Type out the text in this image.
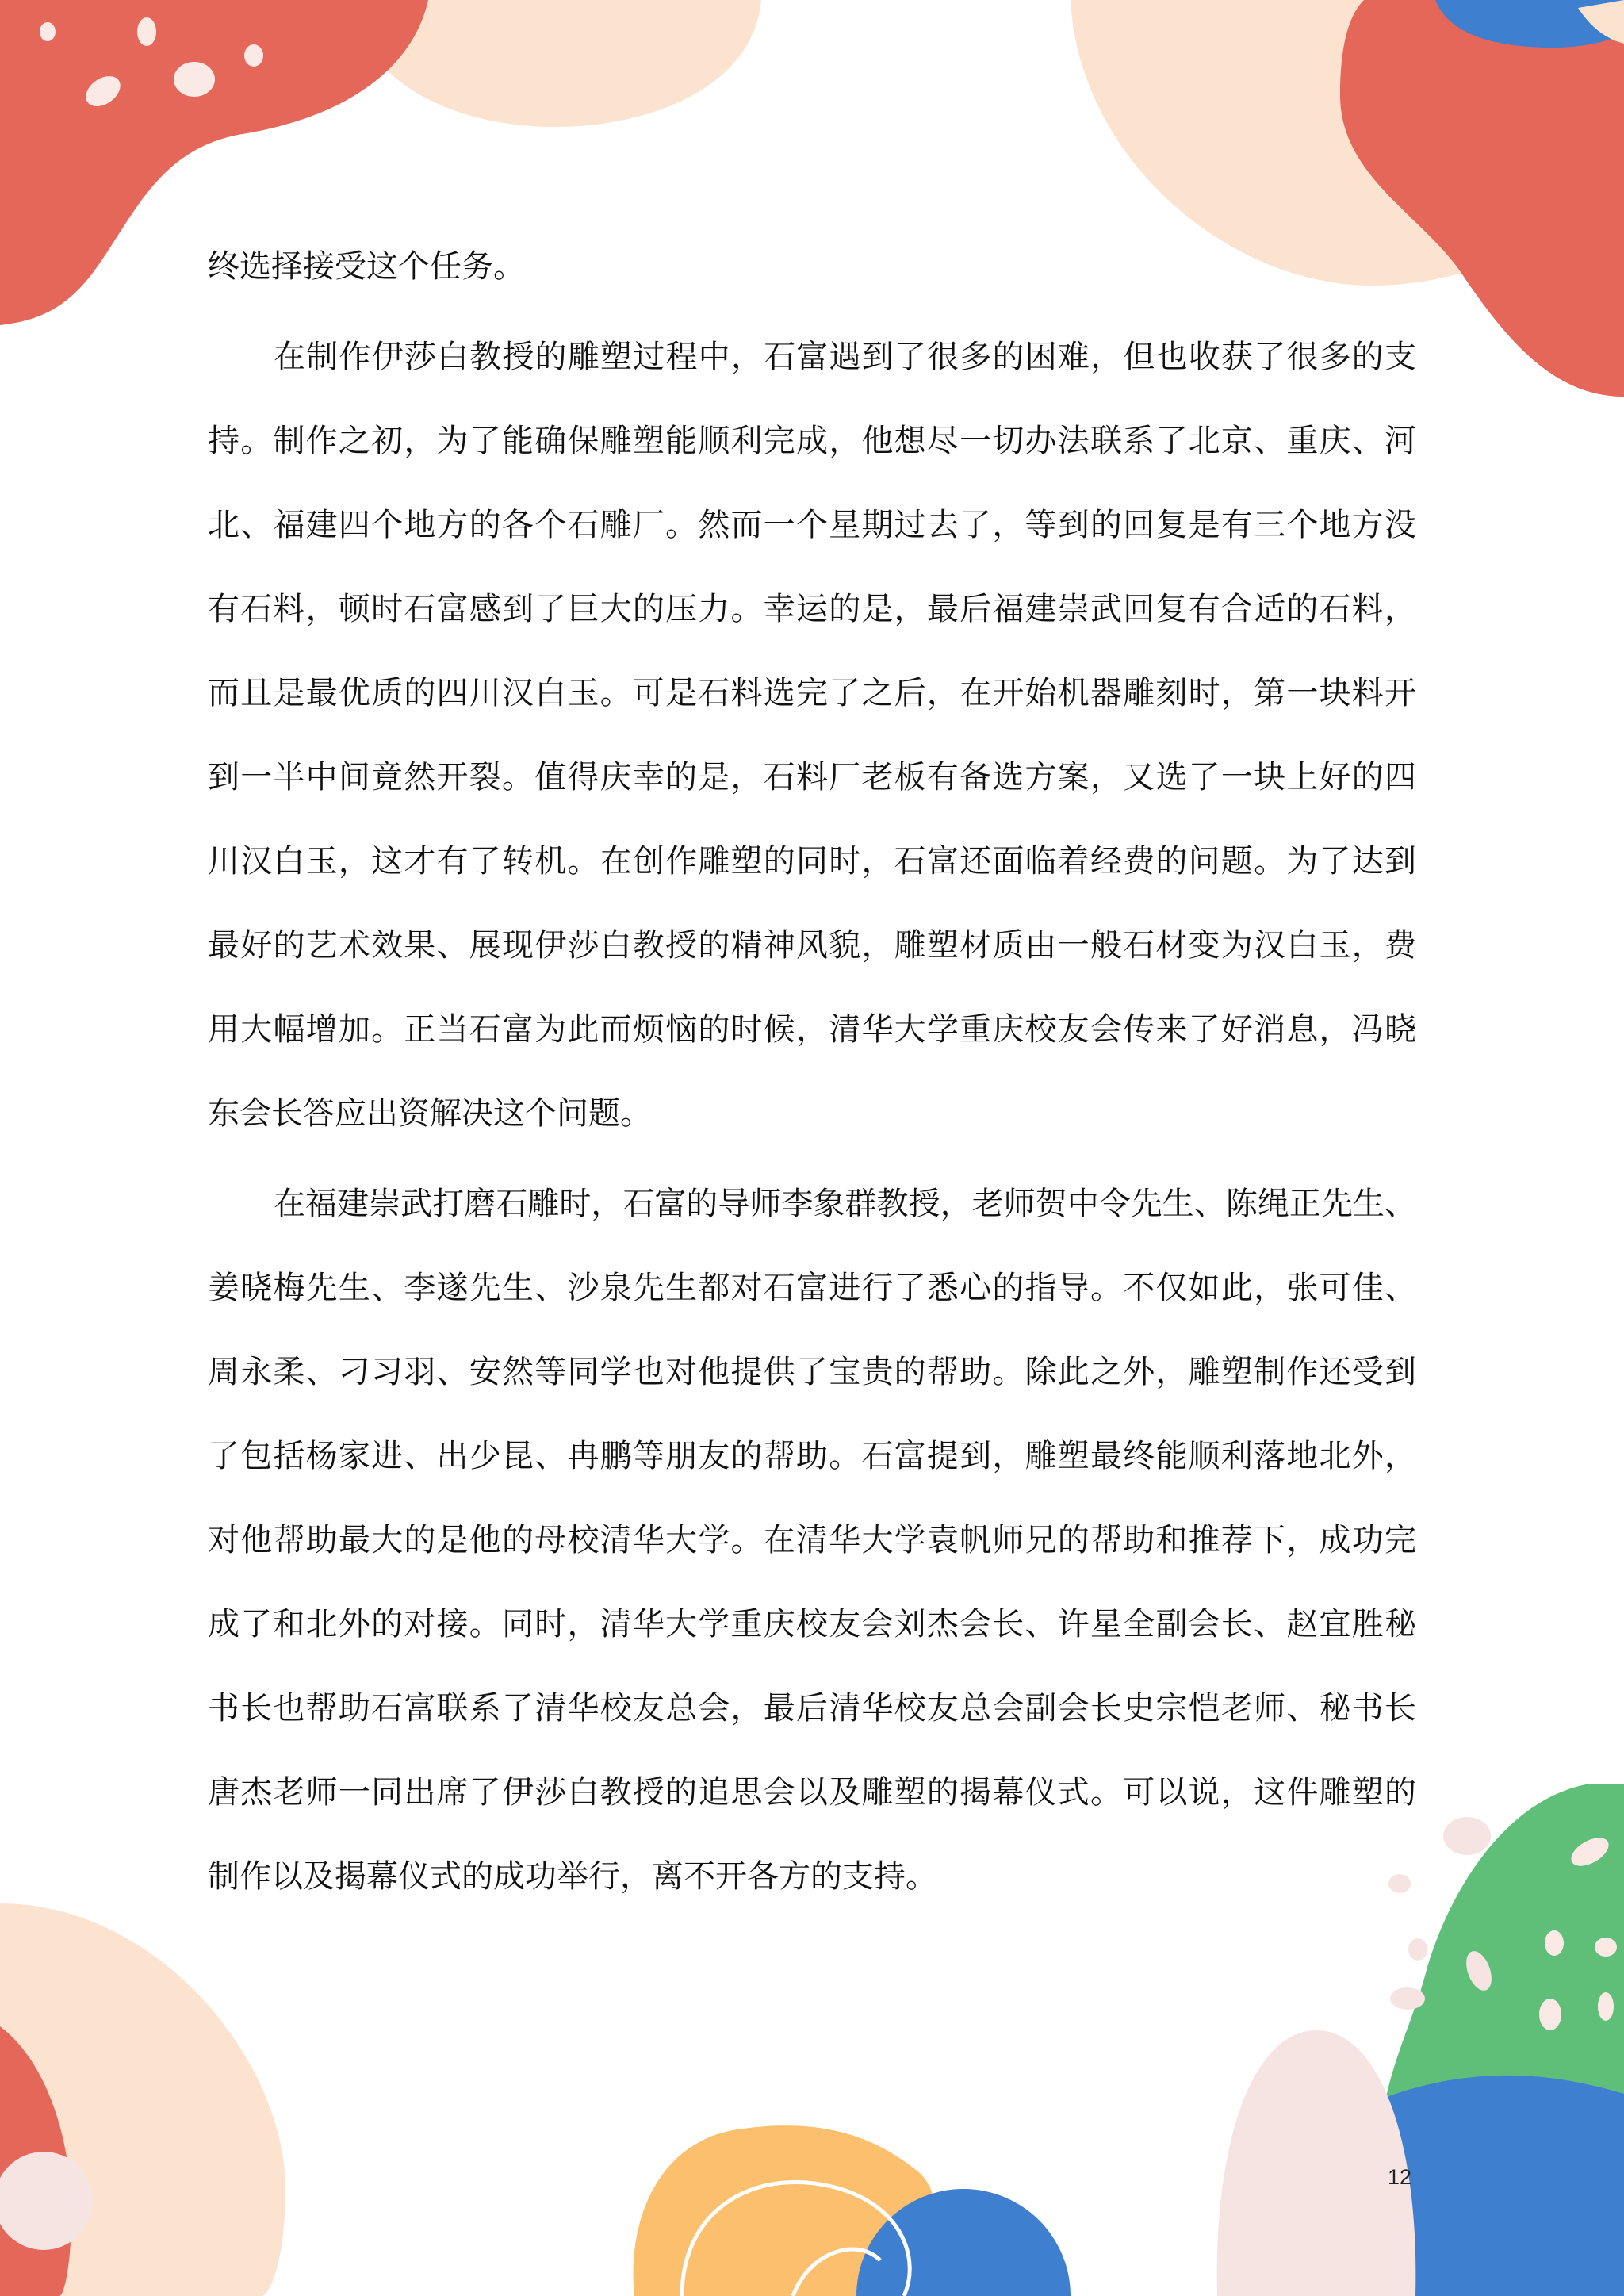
终选择接受这个任务。
在制作伊莎白教授的雕塑过程中，石富遇到了很多的困难，但也收获了很多的支
持。制作之初，为了能确保雕塑能顺利完成，他想尽一切办法联系了北京、重庆、河
北、福建四个地方的各个石雕厂。然而一个星期过去了，等到的回复是有三个地方没
有石料，顿时石富感到了巨大的压力。幸运的是，最后福建崇武回复有合适的石料，
而且是最优质的四川汉白玉。可是石料选完了之后，在开始机器雕刻时，第一块料开
到一半中间竟然开裂。值得庆幸的是，石料厂老板有备选方案，又选了一块上好的四
川汉白玉，这才有了转机。在创作雕塑的同时，石富还面临着经费的问题。为了达到
最好的艺术效果、展现伊莎白教授的精神风貌，雕塑材质由一般石材变为汉白玉，费
用大幅增加。正当石富为此而烦恼的时候，清华大学重庆校友会传来了好消息，冯晓
东会长答应出资解决这个问题。
在福建崇武打磨石雕时，石富的导师李象群教授，老师贺中令先生、陈绳正先生、
姜晓梅先生、李遂先生、沙泉先生都对石富进行了悉心的指导。不仅如此，张可佳、
周永柔、刁习羽、安然等同学也对他提供了宝贵的帮助。除此之外，雕塑制作还受到
了包括杨家进、出少昆、冉鹏等朋友的帮助。石富提到，雕塑最终能顺利落地北外，
对他帮助最大的是他的母校清华大学。在清华大学袁帆师兄的帮助和推荐下，成功完
成了和北外的对接。同时，清华大学重庆校友会刘杰会长、许星全副会长、赵宜胜秘
书长也帮助石富联系了清华校友总会，最后清华校友总会副会长史宗恺老师、秘书长
唐杰老师一同出席了伊莎白教授的追思会以及雕塑的揭幕仪式。可以说，这件雕塑的
制作以及揭幕仪式的成功举行，离不开各方的支持。
12
